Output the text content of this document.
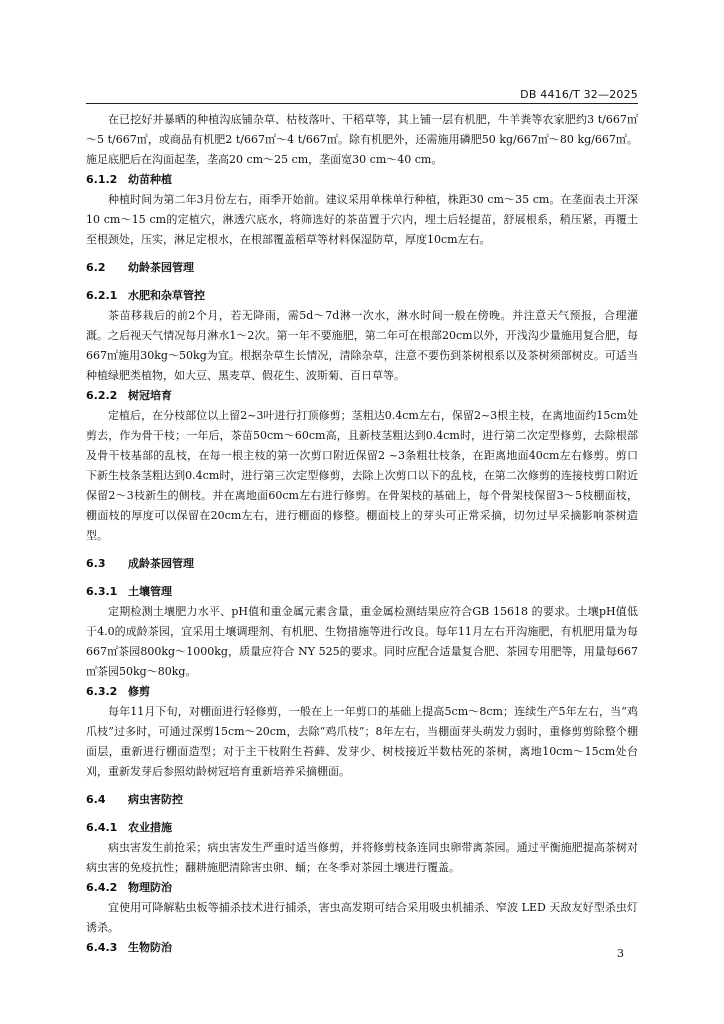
DB 4416/T 32—2025

在已挖好并暴晒的种植沟底铺杂草、枯枝落叶、干稻草等，其上铺一层有机肥，牛羊粪等农家肥约3 t/667㎡～5 t/667㎡，或商品有机肥2 t/667㎡～4 t/667㎡。除有机肥外，还需施用磷肥50 kg/667㎡～80 kg/667㎡。施足底肥后在沟面起垄，垄高20 cm～25 cm，垄面宽30 cm～40 cm。

6.1.2 幼苗种植

种植时间为第二年3月份左右，雨季开始前。建议采用单株单行种植，株距30 cm～35 cm。在垄面表土开深10 cm～15 cm的定植穴，淋透穴底水，将筛选好的茶苗置于穴内，埋土后轻提苗，舒展根系，稍压紧，再覆土至根颈处，压实，淋足定根水，在根部覆盖稻草等材料保湿防草，厚度10cm左右。

6.2 幼龄茶园管理
6.2.1 水肥和杂草管控

茶苗移栽后的前2个月，若无降雨，需5d～7d淋一次水，淋水时间一般在傍晚。并注意天气预报，合理灌溉。之后视天气情况每月淋水1～2次。第一年不要施肥，第二年可在根部20cm以外，开浅沟少量施用复合肥，每667㎡施用30kg～50kg为宜。根据杂草生长情况，清除杂草，注意不要伤到茶树根系以及茶树须部树皮。可适当种植绿肥类植物，如大豆、黑麦草、假花生、波斯菊、百日草等。

6.2.2 树冠培育

定植后，在分枝部位以上留2~3叶进行打顶修剪；茎粗达0.4cm左右，保留2~3根主枝，在离地面约15cm处剪去，作为骨干枝；一年后，茶苗50cm～60cm高，且新枝茎粗达到0.4cm时，进行第二次定型修剪，去除根部及骨干枝基部的乱枝，在每一根主枝的第一次剪口附近保留2 ~3条粗壮枝条，在距离地面40cm左右修剪。剪口下新生枝条茎粗达到0.4cm时，进行第三次定型修剪，去除上次剪口以下的乱枝，在第二次修剪的连接枝剪口附近保留2～3枝新生的侧枝。并在离地面60cm左右进行修剪。在骨架枝的基础上，每个骨架枝保留3～5枝棚面枝，棚面枝的厚度可以保留在20cm左右，进行棚面的修整。棚面枝上的芽头可正常采摘，切勿过早采摘影响茶树造型。

6.3 成龄茶园管理
6.3.1 土壤管理

定期检测土壤肥力水平、pH值和重金属元素含量，重金属检测结果应符合GB 15618 的要求。土壤pH值低于4.0的成龄茶园，宜采用土壤调理剂、有机肥、生物措施等进行改良。每年11月左右开沟施肥，有机肥用量为每667㎡茶园800kg～1000kg，质量应符合 NY 525的要求。同时应配合适量复合肥、茶园专用肥等，用量每667㎡茶园50kg～80kg。

6.3.2 修剪

每年11月下旬，对棚面进行轻修剪，一般在上一年剪口的基础上提高5cm～8cm；连续生产5年左右，当“鸡爪枝”过多时，可通过深剪15cm～20cm，去除“鸡爪枝”；8年左右，当棚面芽头萌发力弱时，重修剪剪除整个棚面层，重新进行棚面造型；对于主干枝附生苔藓、发芽少、树枝接近半数枯死的茶树，离地10cm～15cm处台刈，重新发芽后参照幼龄树冠培育重新培养采摘棚面。

6.4 病虫害防控
6.4.1 农业措施

病虫害发生前抢采；病虫害发生严重时适当修剪，并将修剪枝条连同虫卵带离茶园。通过平衡施肥提高茶树对病虫害的免疫抗性；翻耕施肥清除害虫卵、蛹；在冬季对茶园土壤进行覆盖。

6.4.2 物理防治

宜使用可降解粘虫板等捕杀技术进行捕杀，害虫高发期可结合采用吸虫机捕杀、窄波 LED 天敌友好型杀虫灯诱杀。

6.4.3 生物防治	3
